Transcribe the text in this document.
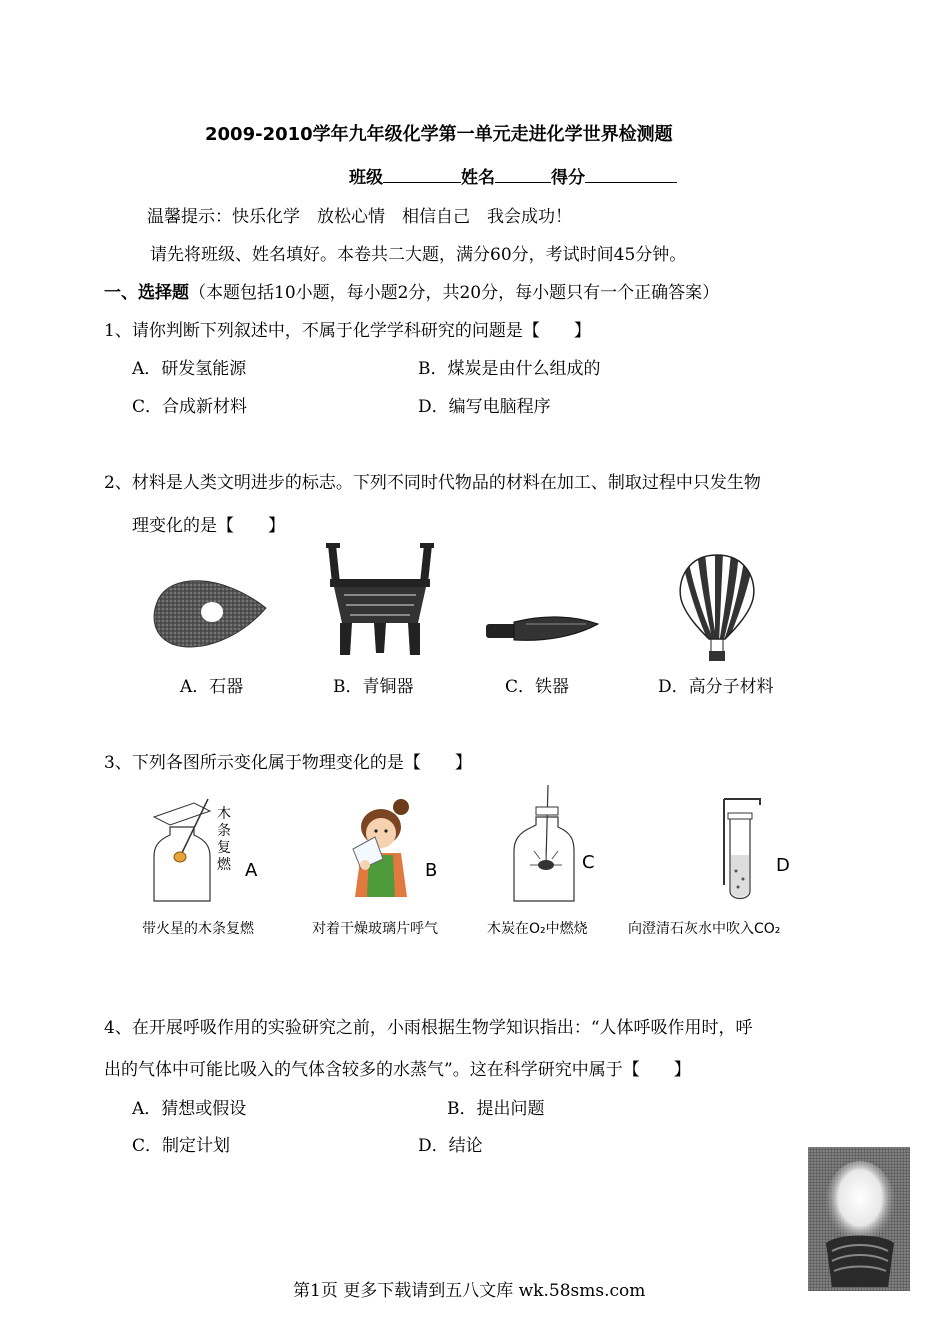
2009-2010学年九年级化学第一单元走进化学世界检测题
班级	姓名	得分
温馨提示：快乐化学　放松心情　相信自己　我会成功！
请先将班级、姓名填好。本卷共二大题，满分60分，考试时间45分钟。
一、选择题（本题包括10小题，每小题2分，共20分，每小题只有一个正确答案）
1、请你判断下列叙述中，不属于化学学科研究的问题是【　　】
A．研发氢能源	B．煤炭是由什么组成的
C．合成新材料	D．编写电脑程序
2、材料是人类文明进步的标志。下列不同时代物品的材料在加工、制取过程中只发生物
理变化的是【　　】
A．石器	B．青铜器	C．铁器	D．高分子材料
3、下列各图所示变化属于物理变化的是【　　】
木条复燃 A	B	C	D
带火星的木条复燃	对着干燥玻璃片呼气	木炭在O₂中燃烧	向澄清石灰水中吹入CO₂
4、在开展呼吸作用的实验研究之前，小雨根据生物学知识指出：“人体呼吸作用时，呼
出的气体中可能比吸入的气体含较多的水蒸气”。这在科学研究中属于【　　】
A．猜想或假设	B．提出问题
C．制定计划	D．结论
第1页 更多下载请到五八文库 wk.58sms.com
